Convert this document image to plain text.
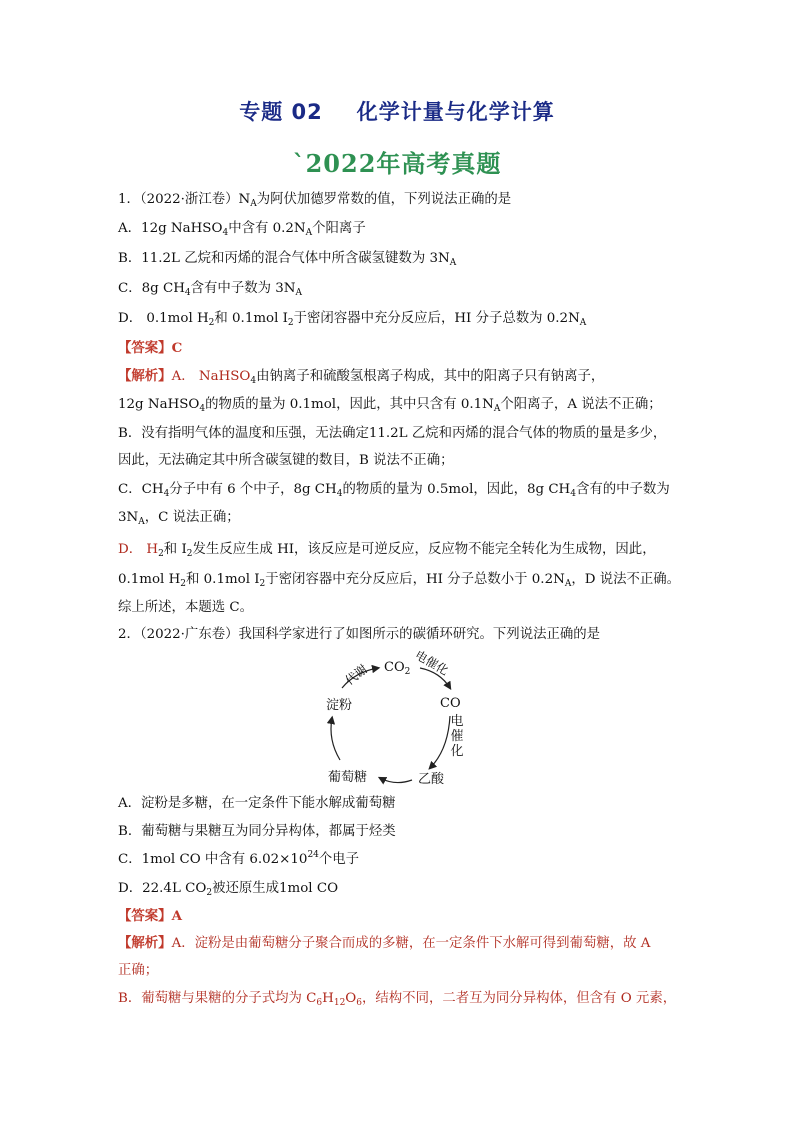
专题 02 化学计量与化学计算
`2022年高考真题
1．（2022·浙江卷）$N_A$为阿伏加德罗常数的值，下列说法正确的是
A．12g NaHSO$_4$中含有 $0.2N_A$个阳离子
B．11.2L 乙烷和丙烯的混合气体中所含碳氢键数为 $3N_A$
C．8g $CH_4$含有中子数为 $3N_A$
D． 0.1mol $H_2$和 0.1mol $I_2$于密闭容器中充分反应后，HI 分子总数为 $0.2N_A$
【答案】C
【解析】A． NaHSO$_4$由钠离子和硫酸氢根离子构成，其中的阳离子只有钠离子，
12g NaHSO$_4$的物质的量为 0.1mol，因此，其中只含有 $0.1N_A$个阳离子，A 说法不正确；
B．没有指明气体的温度和压强，无法确定11.2L 乙烷和丙烯的混合气体的物质的量是多少，
因此，无法确定其中所含碳氢键的数目，B 说法不正确；
C．$CH_4$分子中有 6 个中子，8g $CH_4$的物质的量为 0.5mol，因此，8g $CH_4$含有的中子数为
$3N_A$，C 说法正确；
D． $H_2$和 $I_2$发生反应生成 HI，该反应是可逆反应，反应物不能完全转化为生成物，因此，
0.1mol $H_2$和 0.1mol $I_2$于密闭容器中充分反应后，HI 分子总数小于 $0.2N_A$，D 说法不正确。
综上所述，本题选 C。
2．（2022·广东卷）我国科学家进行了如图所示的碳循环研究。下列说法正确的是
$CO_2$
CO
乙酸
葡萄糖
淀粉
代谢	电催化
电
催
化
A．淀粉是多糖，在一定条件下能水解成葡萄糖
B．葡萄糖与果糖互为同分异构体，都属于烃类
C．1mol CO 中含有 $6.02\times 10^{24}$个电子
D．22.4L $CO_2$被还原生成1mol CO
【答案】A
【解析】A．淀粉是由葡萄糖分子聚合而成的多糖，在一定条件下水解可得到葡萄糖，故 A
正确；
B．葡萄糖与果糖的分子式均为 $C_6H_{12}O_6$，结构不同，二者互为同分异构体，但含有 O 元素，
